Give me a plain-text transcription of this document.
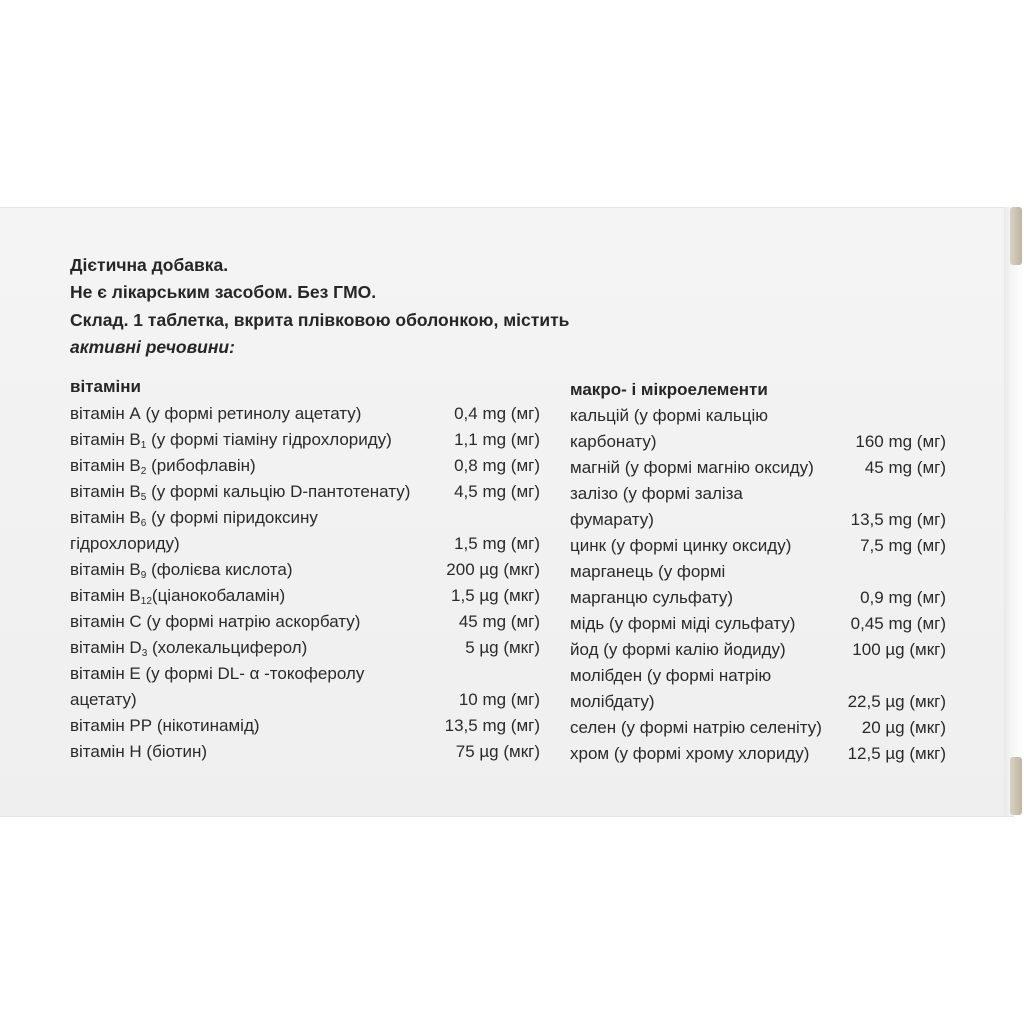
Дієтична добавка.
Не є лікарським засобом. Без ГМО.
Склад. 1 таблетка, вкрита плівковою оболонкою, містить
активні речовини:
вітаміни	макро- і мікроелементи
вітамін А (у формі ретинолу ацетату)	0,4 mg (мг)
вітамін $В_1$ (у формі тіаміну гідрохлориду)	1,1 mg (мг)
вітамін $В_2$ (рибофлавін)	0,8 mg (мг)
вітамін $В_5$ (у формі кальцію D-пантотенату)	4,5 mg (мг)
вітамін $В_6$ (у формі піридоксину
гідрохлориду)	1,5 mg (мг)
вітамін $В_9$ (фолієва кислота)	200 µg (мкг)
вітамін $В_{12}(ціанокобаламін)$	1,5 µg (мкг)
вітамін С (у формі натрію аскорбату)	45 mg (мг)
вітамін $D_3$ (холекальциферол)	5 µg (мкг)
вітамін Е (у формі DL- α -токоферолу
ацетату)	10 mg (мг)
вітамін РР (нікотинамід)	13,5 mg (мг)
вітамін Н (біотин)	75 µg (мкг)
кальцій (у формі кальцію
карбонату)	160 mg (мг)
магній (у формі магнію оксиду)	45 mg (мг)
залізо (у формі заліза
фумарату)	13,5 mg (мг)
цинк (у формі цинку оксиду)	7,5 mg (мг)
марганець (у формі
марганцю сульфату)	0,9 mg (мг)
мідь (у формі міді сульфату)	0,45 mg (мг)
йод (у формі калію йодиду)	100 µg (мкг)
молібден (у формі натрію
молібдату)	22,5 µg (мкг)
селен (у формі натрію селеніту) 20 µg (мкг)
хром (у формі хрому хлориду) 12,5 µg (мкг)
